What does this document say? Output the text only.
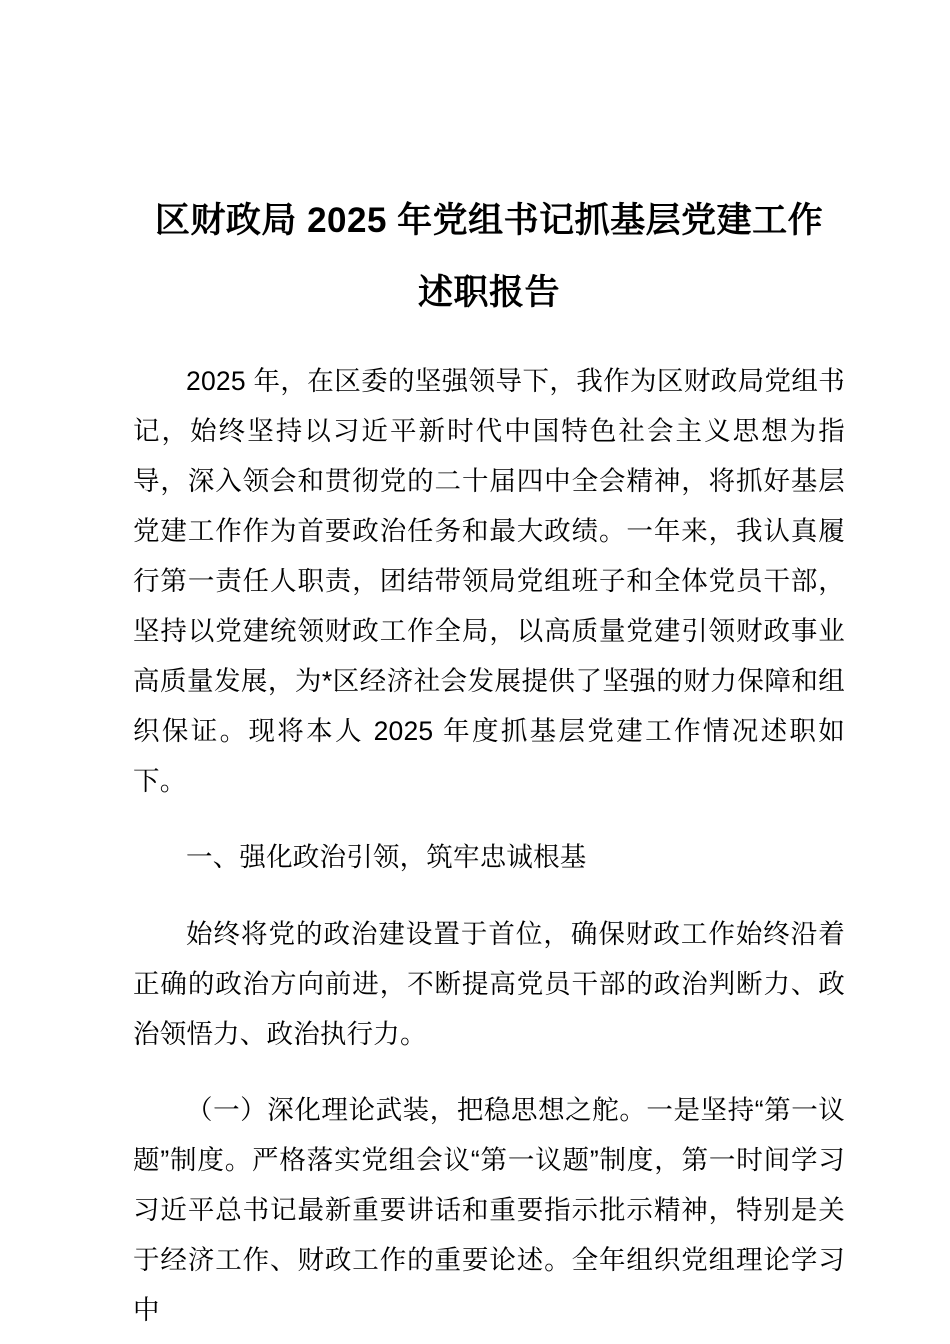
区财政局 2025 年党组书记抓基层党建工作
述职报告

2025 年，在区委的坚强领导下，我作为区财政局党组书记，始终坚持以习近平新时代中国特色社会主义思想为指导，深入领会和贯彻党的二十届四中全会精神，将抓好基层党建工作作为首要政治任务和最大政绩。一年来，我认真履行第一责任人职责，团结带领局党组班子和全体党员干部，坚持以党建统领财政工作全局，以高质量党建引领财政事业高质量发展，为*区经济社会发展提供了坚强的财力保障和组织保证。现将本人 2025 年度抓基层党建工作情况述职如下。

一、强化政治引领，筑牢忠诚根基

始终将党的政治建设置于首位，确保财政工作始终沿着正确的政治方向前进，不断提高党员干部的政治判断力、政治领悟力、政治执行力。

（一）深化理论武装，把稳思想之舵。一是坚持“第一议题”制度。严格落实党组会议“第一议题”制度，第一时间学习习近平总书记最新重要讲话和重要指示批示精神，特别是关于经济工作、财政工作的重要论述。全年组织党组理论学习中
